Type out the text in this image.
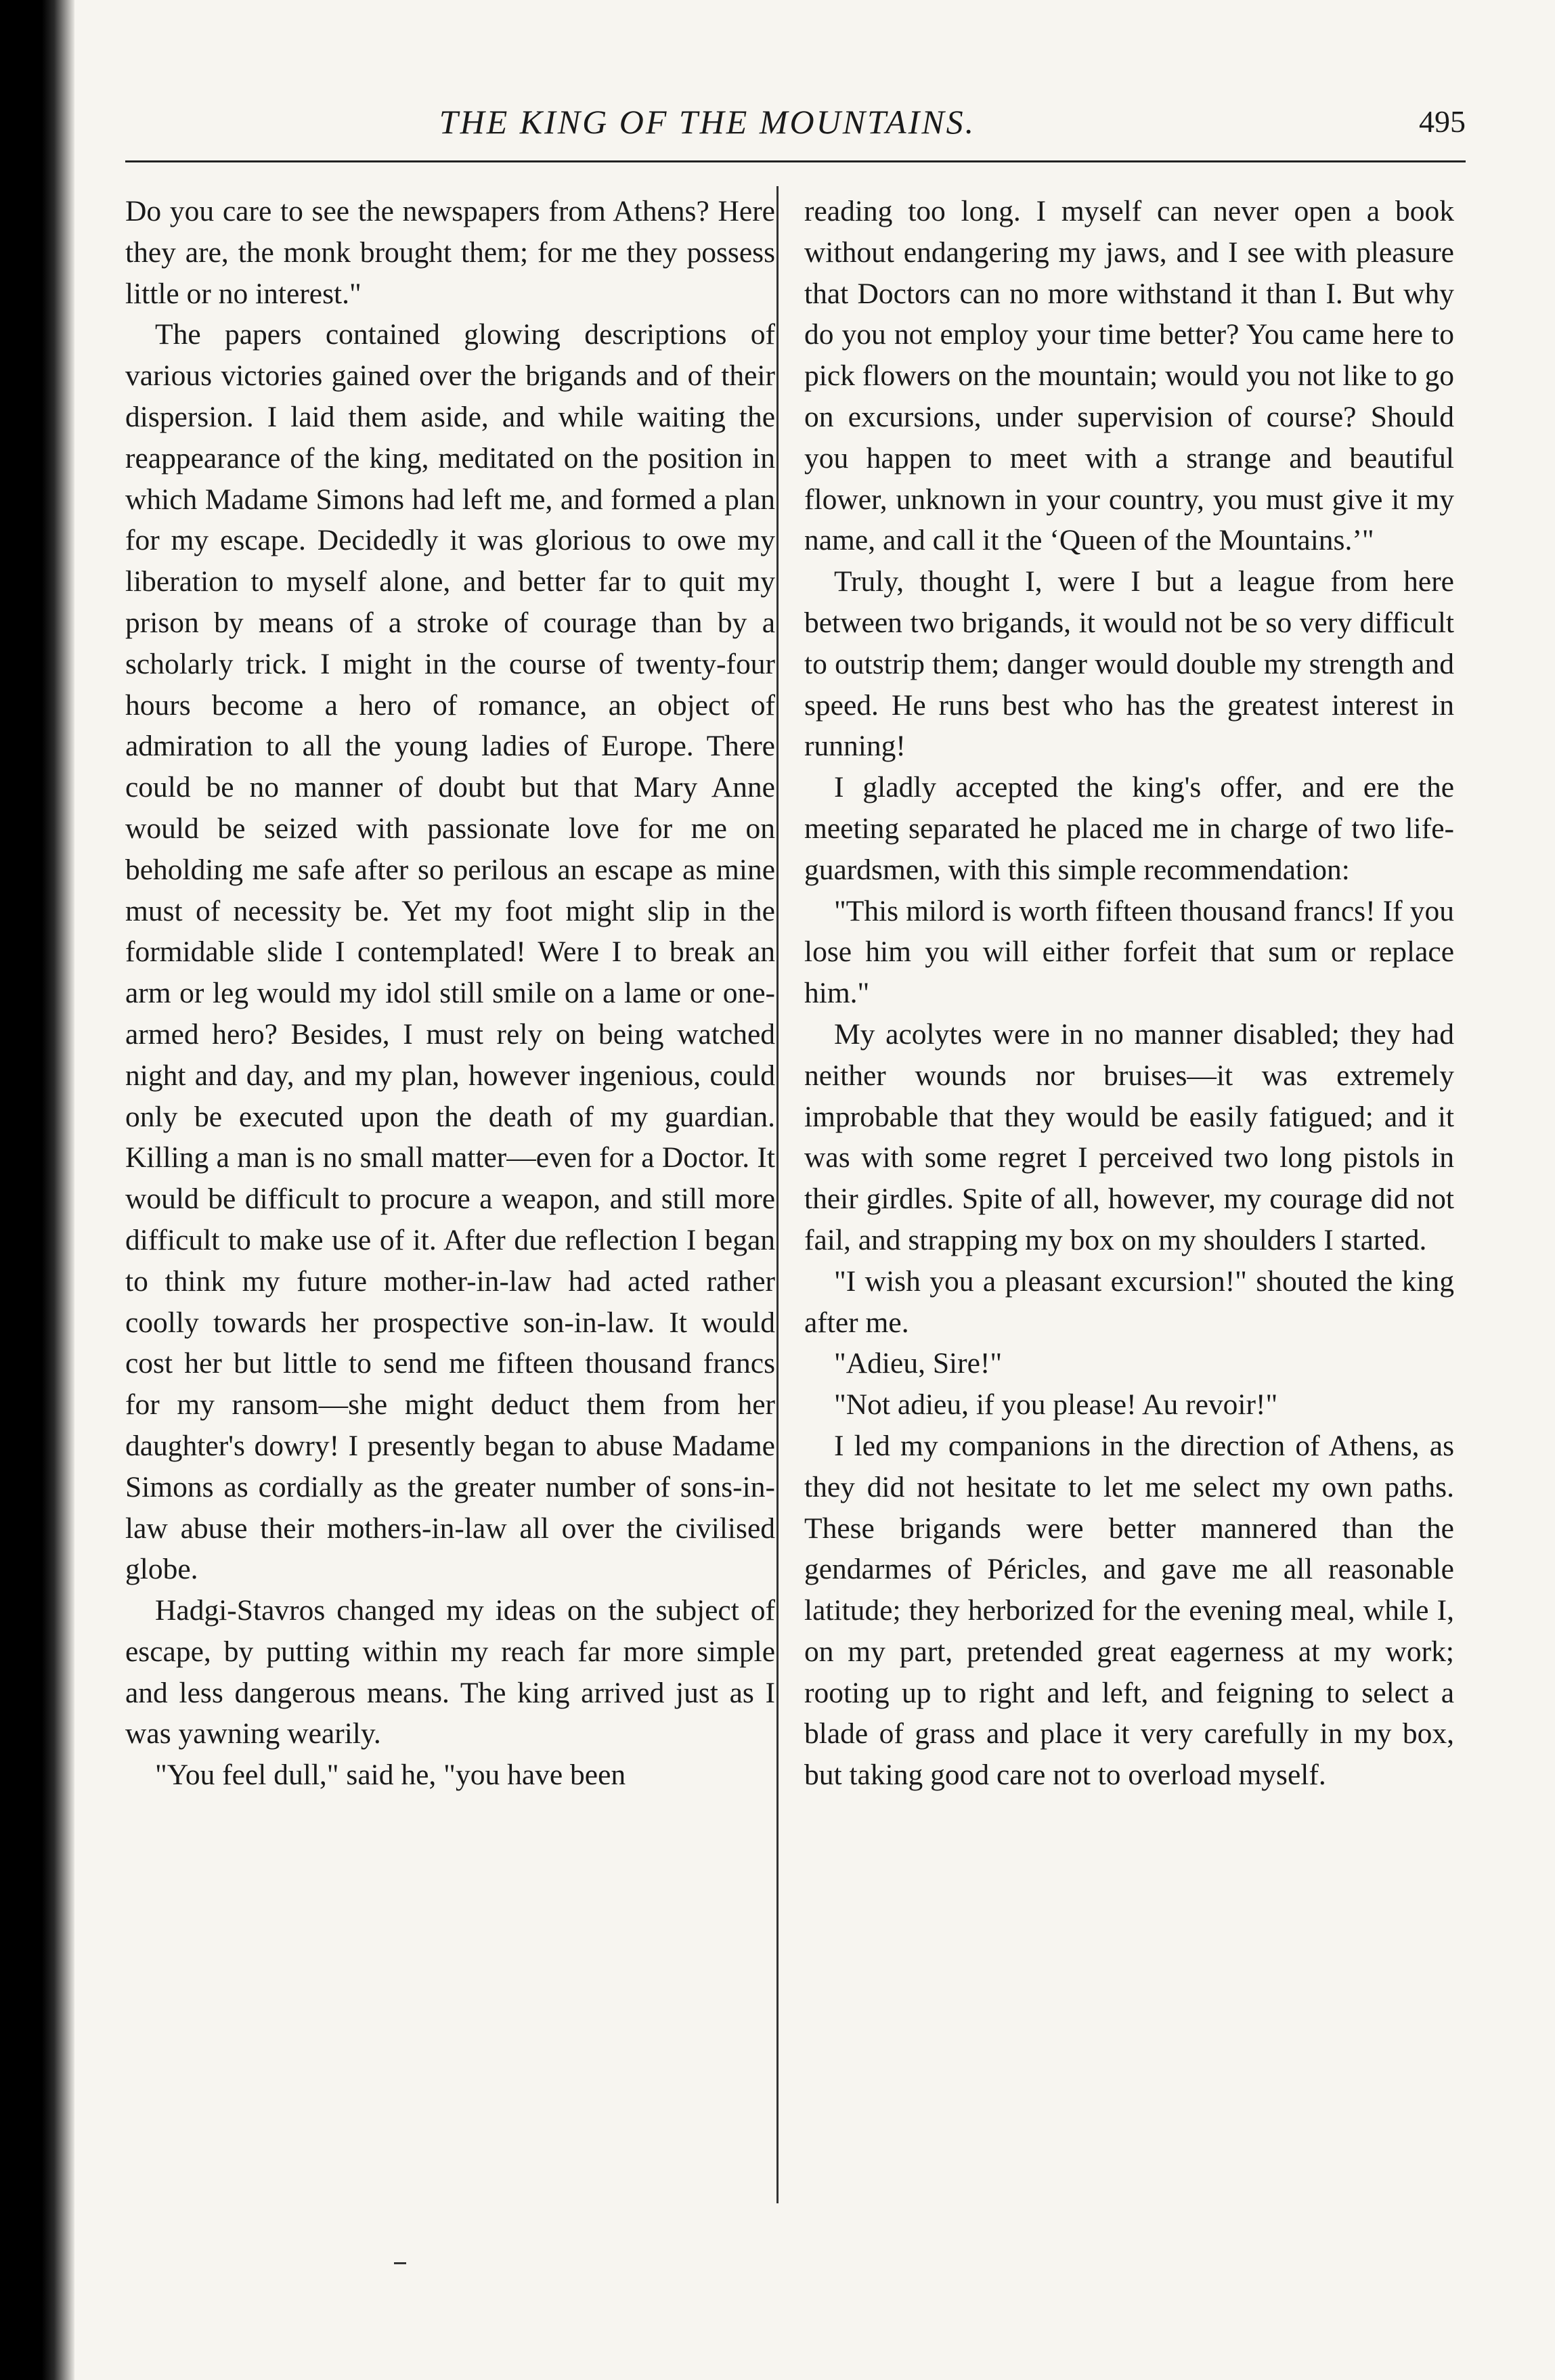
THE KING OF THE MOUNTAINS.	495

Do you care to see the newspapers from Athens? Here they are, the monk brought them; for me they possess little or no interest."

The papers contained glowing descriptions of various victories gained over the brigands and of their dispersion. I laid them aside, and while waiting the reappearance of the king, meditated on the position in which Madame Simons had left me, and formed a plan for my escape. Decidedly it was glorious to owe my liberation to myself alone, and better far to quit my prison by means of a stroke of courage than by a scholarly trick. I might in the course of twenty-four hours become a hero of romance, an object of admiration to all the young ladies of Europe. There could be no manner of doubt but that Mary Anne would be seized with passionate love for me on beholding me safe after so perilous an escape as mine must of necessity be. Yet my foot might slip in the formidable slide I contemplated! Were I to break an arm or leg would my idol still smile on a lame or one-armed hero? Besides, I must rely on being watched night and day, and my plan, however ingenious, could only be executed upon the death of my guardian. Killing a man is no small matter—even for a Doctor. It would be difficult to procure a weapon, and still more difficult to make use of it. After due reflection I began to think my future mother-in-law had acted rather coolly towards her prospective son-in-law. It would cost her but little to send me fifteen thousand francs for my ransom—she might deduct them from her daughter's dowry! I presently began to abuse Madame Simons as cordially as the greater number of sons-in-law abuse their mothers-in-law all over the civilised globe.

Hadgi-Stavros changed my ideas on the subject of escape, by putting within my reach far more simple and less dangerous means. The king arrived just as I was yawning wearily.

"You feel dull," said he, "you have been

reading too long. I myself can never open a book without endangering my jaws, and I see with pleasure that Doctors can no more withstand it than I. But why do you not employ your time better? You came here to pick flowers on the mountain; would you not like to go on excursions, under supervision of course? Should you happen to meet with a strange and beautiful flower, unknown in your country, you must give it my name, and call it the ‘Queen of the Mountains.’"

Truly, thought I, were I but a league from here between two brigands, it would not be so very difficult to outstrip them; danger would double my strength and speed. He runs best who has the greatest interest in running!

I gladly accepted the king's offer, and ere the meeting separated he placed me in charge of two life-guardsmen, with this simple recommendation:

"This milord is worth fifteen thousand francs! If you lose him you will either forfeit that sum or replace him."

My acolytes were in no manner disabled; they had neither wounds nor bruises—it was extremely improbable that they would be easily fatigued; and it was with some regret I perceived two long pistols in their girdles. Spite of all, however, my courage did not fail, and strapping my box on my shoulders I started.

"I wish you a pleasant excursion!" shouted the king after me.

"Adieu, Sire!"

"Not adieu, if you please! Au revoir!"

I led my companions in the direction of Athens, as they did not hesitate to let me select my own paths. These brigands were better mannered than the gendarmes of Péricles, and gave me all reasonable latitude; they herborized for the evening meal, while I, on my part, pretended great eagerness at my work; rooting up to right and left, and feigning to select a blade of grass and place it very carefully in my box, but taking good care not to overload myself.
